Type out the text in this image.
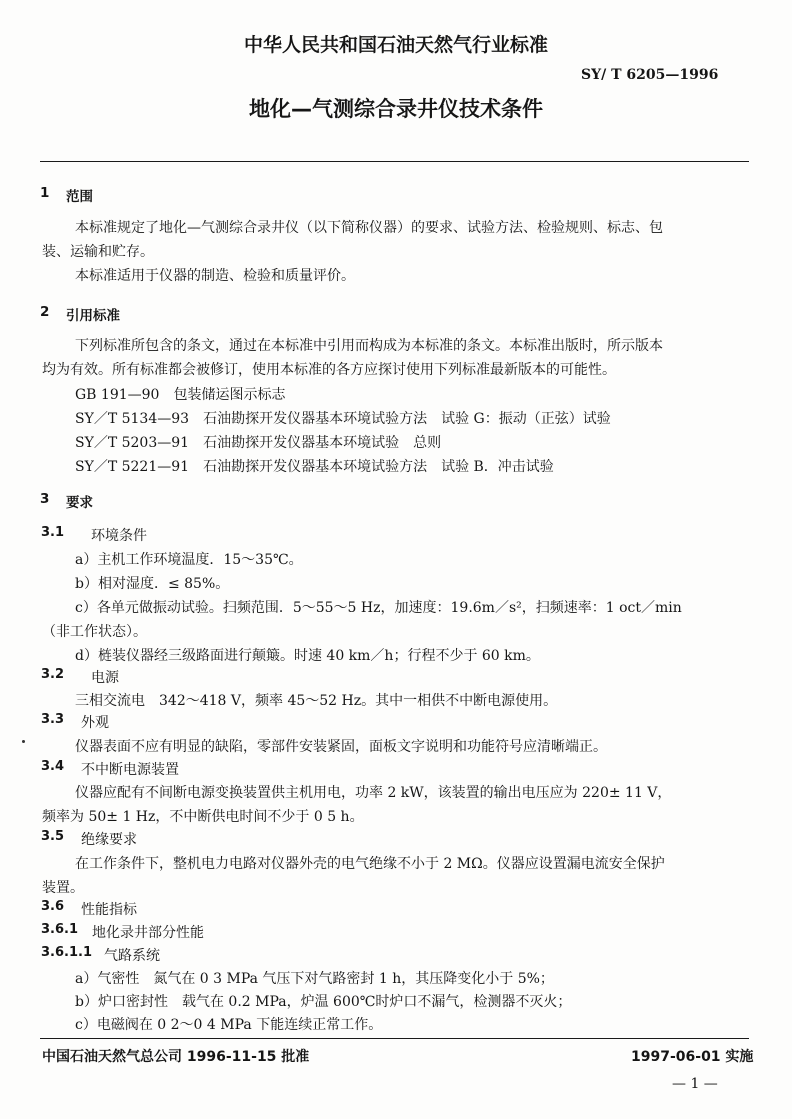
中华人民共和国石油天然气行业标准
SY/ T 6205—1996
地化—气测综合录井仪技术条件
1 范围
本标准规定了地化—气测综合录井仪（以下简称仪器）的要求、试验方法、检验规则、标志、包
装、运输和贮存。
本标准适用于仪器的制造、检验和质量评价。
2 引用标准
下列标准所包含的条文，通过在本标准中引用而构成为本标准的条文。本标准出版时，所示版本
均为有效。所有标准都会被修订，使用本标准的各方应探讨使用下列标准最新版本的可能性。
GB 191—90　包装储运图示标志
SY／T 5134—93　石油勘探开发仪器基本环境试验方法　试验 G：振动（正弦）试验
SY／T 5203—91　石油勘探开发仪器基本环境试验　总则
SY／T 5221—91　石油勘探开发仪器基本环境试验方法　试验 B．冲击试验
3 要求
3.1 环境条件
a）主机工作环境温度．15～35℃。
b）相对湿度．≤ 85%。
c）各单元做振动试验。扫频范围．5～55～5 Hz，加速度：19.6m／s²，扫频速率：1 oct／min
（非工作状态）。
d）梿装仪器经三级路面进行颠簸。时速 40 km／h；行程不少于 60 km。
3.2 电源
三相交流电　342～418 V，频率 45～52 Hz。其中一相供不中断电源使用。
3.3 外观
仪器表面不应有明显的缺陷，零部件安装紧固，面板文字说明和功能符号应清晰端正。
3.4 不中断电源装置
仪器应配有不间断电源变换装置供主机用电，功率 2 kW，该装置的输出电压应为 220± 11 V，
频率为 50± 1 Hz，不中断供电时间不少于 0 5 h。
3.5 绝缘要求
在工作条件下，整机电力电路对仪器外壳的电气绝缘不小于 2 MΩ。仪器应设置漏电流安全保护
装置。
3.6 性能指标
3.6.1 地化录井部分性能
3.6.1.1 气路系统
a）气密性　氮气在 0 3 MPa 气压下对气路密封 1 h，其压降变化小于 5%；
b）炉口密封性　载气在 0.2 MPa，炉温 600℃时炉口不漏气，检测器不灭火；
c）电磁阀在 0 2～0 4 MPa 下能连续正常工作。
中国石油天然气总公司 1996-11-15 批准	1997-06-01 实施
— 1 —
